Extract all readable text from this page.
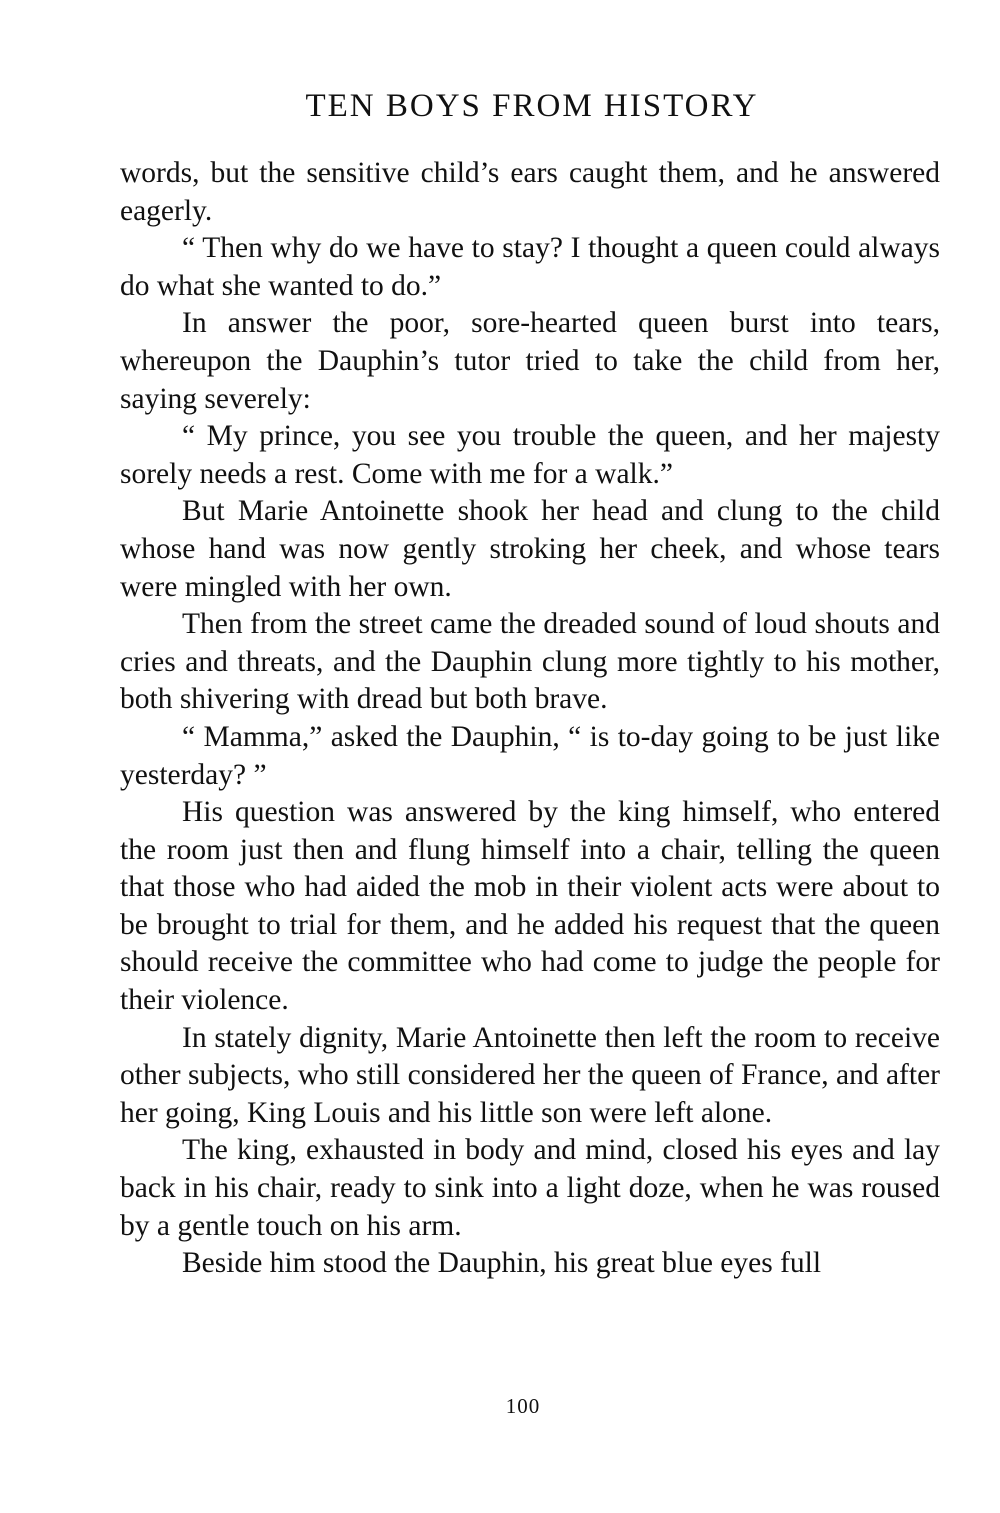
TEN BOYS FROM HISTORY

words, but the sensitive child’s ears caught them, and he answered eagerly.

“ Then why do we have to stay? I thought a queen could always do what she wanted to do.”

In answer the poor, sore-hearted queen burst into tears, whereupon the Dauphin’s tutor tried to take the child from her, saying severely:

“ My prince, you see you trouble the queen, and her majesty sorely needs a rest. Come with me for a walk.”

But Marie Antoinette shook her head and clung to the child whose hand was now gently stroking her cheek, and whose tears were mingled with her own.

Then from the street came the dreaded sound of loud shouts and cries and threats, and the Dauphin clung more tightly to his mother, both shivering with dread but both brave.

“ Mamma,” asked the Dauphin, “ is to-day going to be just like yesterday? ”

His question was answered by the king himself, who entered the room just then and flung himself into a chair, telling the queen that those who had aided the mob in their violent acts were about to be brought to trial for them, and he added his request that the queen should receive the committee who had come to judge the people for their violence.

In stately dignity, Marie Antoinette then left the room to receive other subjects, who still considered her the queen of France, and after her going, King Louis and his little son were left alone.

The king, exhausted in body and mind, closed his eyes and lay back in his chair, ready to sink into a light doze, when he was roused by a gentle touch on his arm.

Beside him stood the Dauphin, his great blue eyes full

100
